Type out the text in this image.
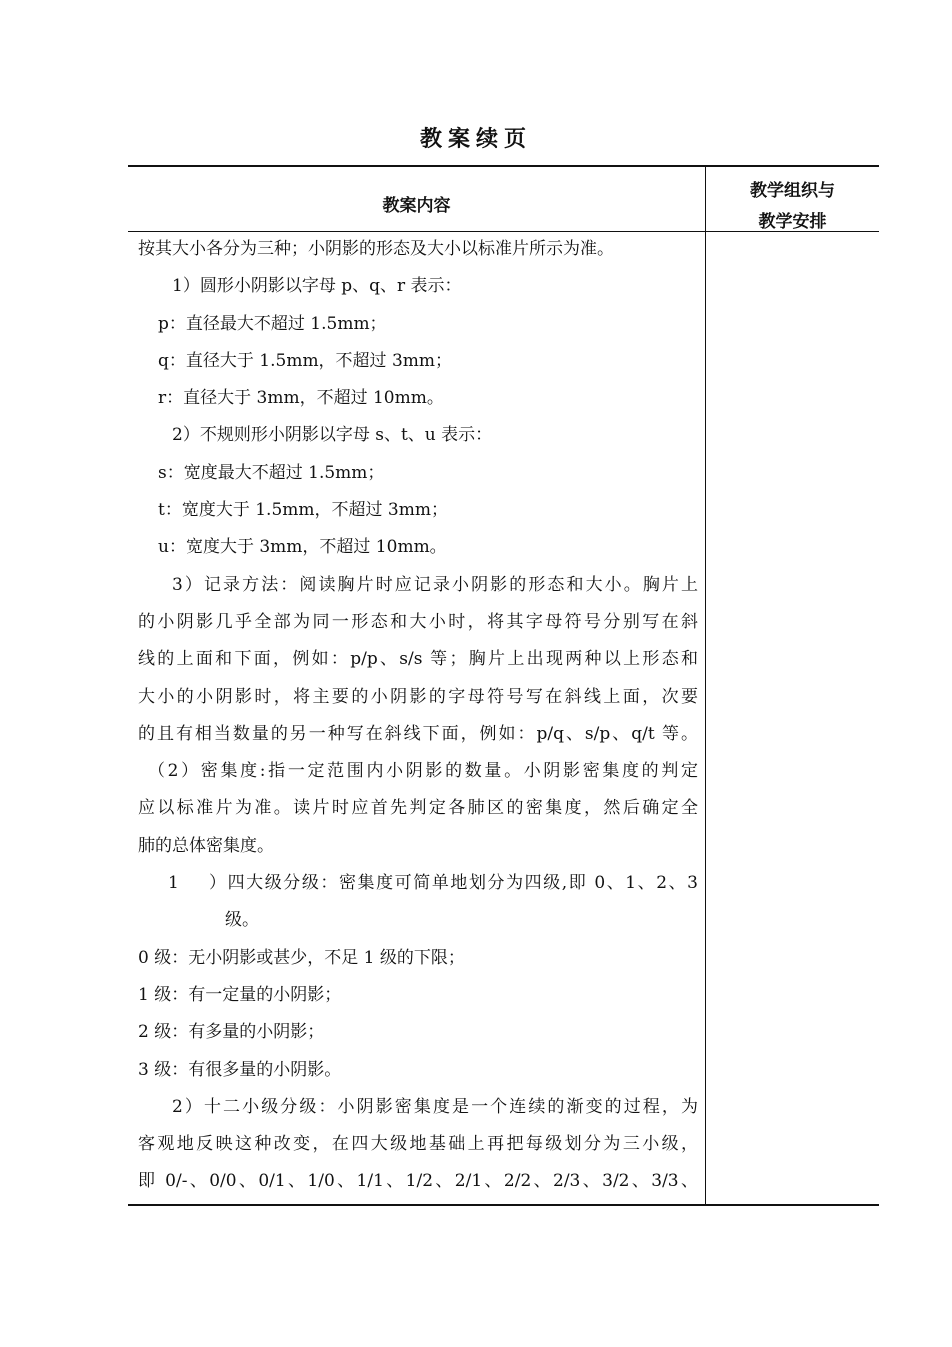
教案续页
教案内容
教学组织与
教学安排
按其大小各分为三种；小阴影的形态及大小以标准片所示为准。
1）圆形小阴影以字母 p、q、r 表示：
p：直径最大不超过 1.5mm；
q：直径大于 1.5mm，不超过 3mm；
r：直径大于 3mm，不超过 10mm。
2）不规则形小阴影以字母 s、t、u 表示：
s：宽度最大不超过 1.5mm；
t：宽度大于 1.5mm，不超过 3mm；
u：宽度大于 3mm，不超过 10mm。
3）记录方法：阅读胸片时应记录小阴影的形态和大小。胸片上
的小阴影几乎全部为同一形态和大小时，将其字母符号分别写在斜
线的上面和下面，例如：p/p、s/s 等；胸片上出现两种以上形态和
大小的小阴影时，将主要的小阴影的字母符号写在斜线上面，次要
的且有相当数量的另一种写在斜线下面，例如：p/q、s/p、q/t 等。
（2）密集度:指一定范围内小阴影的数量。小阴影密集度的判定
应以标准片为准。读片时应首先判定各肺区的密集度，然后确定全
肺的总体密集度。
1）四大级分级：密集度可简单地划分为四级,即 0、1、2、3
级。
0 级：无小阴影或甚少，不足 1 级的下限；
1 级：有一定量的小阴影；
2 级：有多量的小阴影；
3 级：有很多量的小阴影。
2）十二小级分级：小阴影密集度是一个连续的渐变的过程，为
客观地反映这种改变，在四大级地基础上再把每级划分为三小级，
即 0/-、0/0、0/1、1/0、1/1、1/2、2/1、2/2、2/3、3/2、3/3、
